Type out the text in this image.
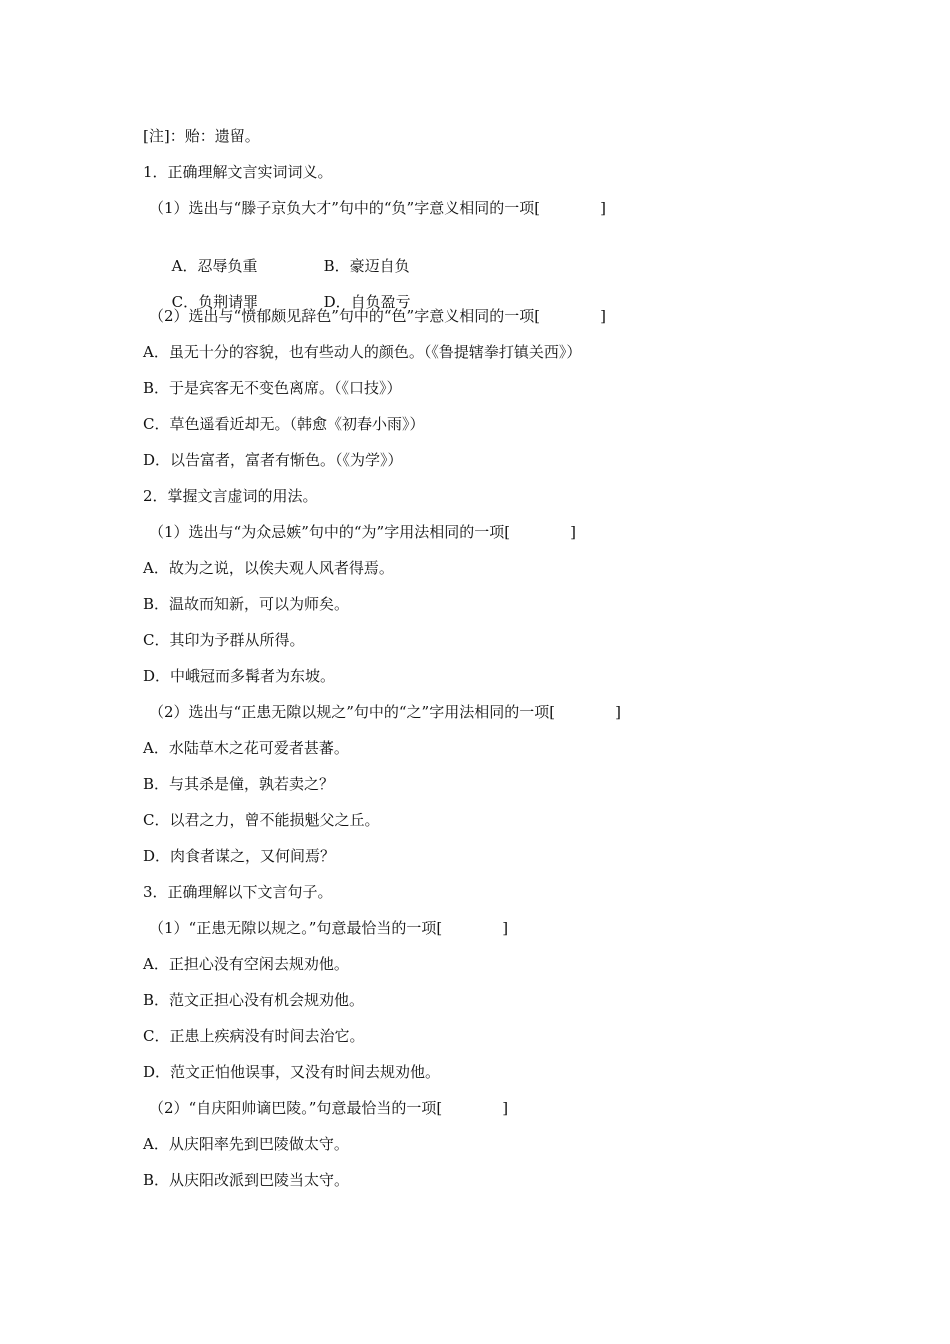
[注]：贻：遗留。
1．正确理解文言实词词义。
（1）选出与“滕子京负大才”句中的“负”字意义相同的一项[　　　　]

A．忍辱负重	B．豪迈自负

C．负荆请罪	D．自负盈亏

（2）选出与“愤郁颇见辞色”句中的“色”字意义相同的一项[　　　　]
A．虽无十分的容貌，也有些动人的颜色。（《鲁提辖拳打镇关西》）
B．于是宾客无不变色离席。（《口技》）
C．草色遥看近却无。（韩愈《初春小雨》）
D．以告富者，富者有惭色。（《为学》）
2．掌握文言虚词的用法。
（1）选出与“为众忌嫉”句中的“为”字用法相同的一项[　　　　]
A．故为之说，以俟夫观人风者得焉。
B．温故而知新，可以为师矣。
C．其印为予群从所得。
D．中峨冠而多髯者为东坡。
（2）选出与“正患无隙以规之”句中的“之”字用法相同的一项[　　　　]
A．水陆草木之花可爱者甚蕃。
B．与其杀是僮，孰若卖之？
C．以君之力，曾不能损魁父之丘。
D．肉食者谋之，又何间焉？
3．正确理解以下文言句子。
（1）“正患无隙以规之。”句意最恰当的一项[　　　　]
A．正担心没有空闲去规劝他。
B．范文正担心没有机会规劝他。
C．正患上疾病没有时间去治它。
D．范文正怕他误事，又没有时间去规劝他。
（2）“自庆阳帅谪巴陵。”句意最恰当的一项[　　　　]
A．从庆阳率先到巴陵做太守。
B．从庆阳改派到巴陵当太守。
